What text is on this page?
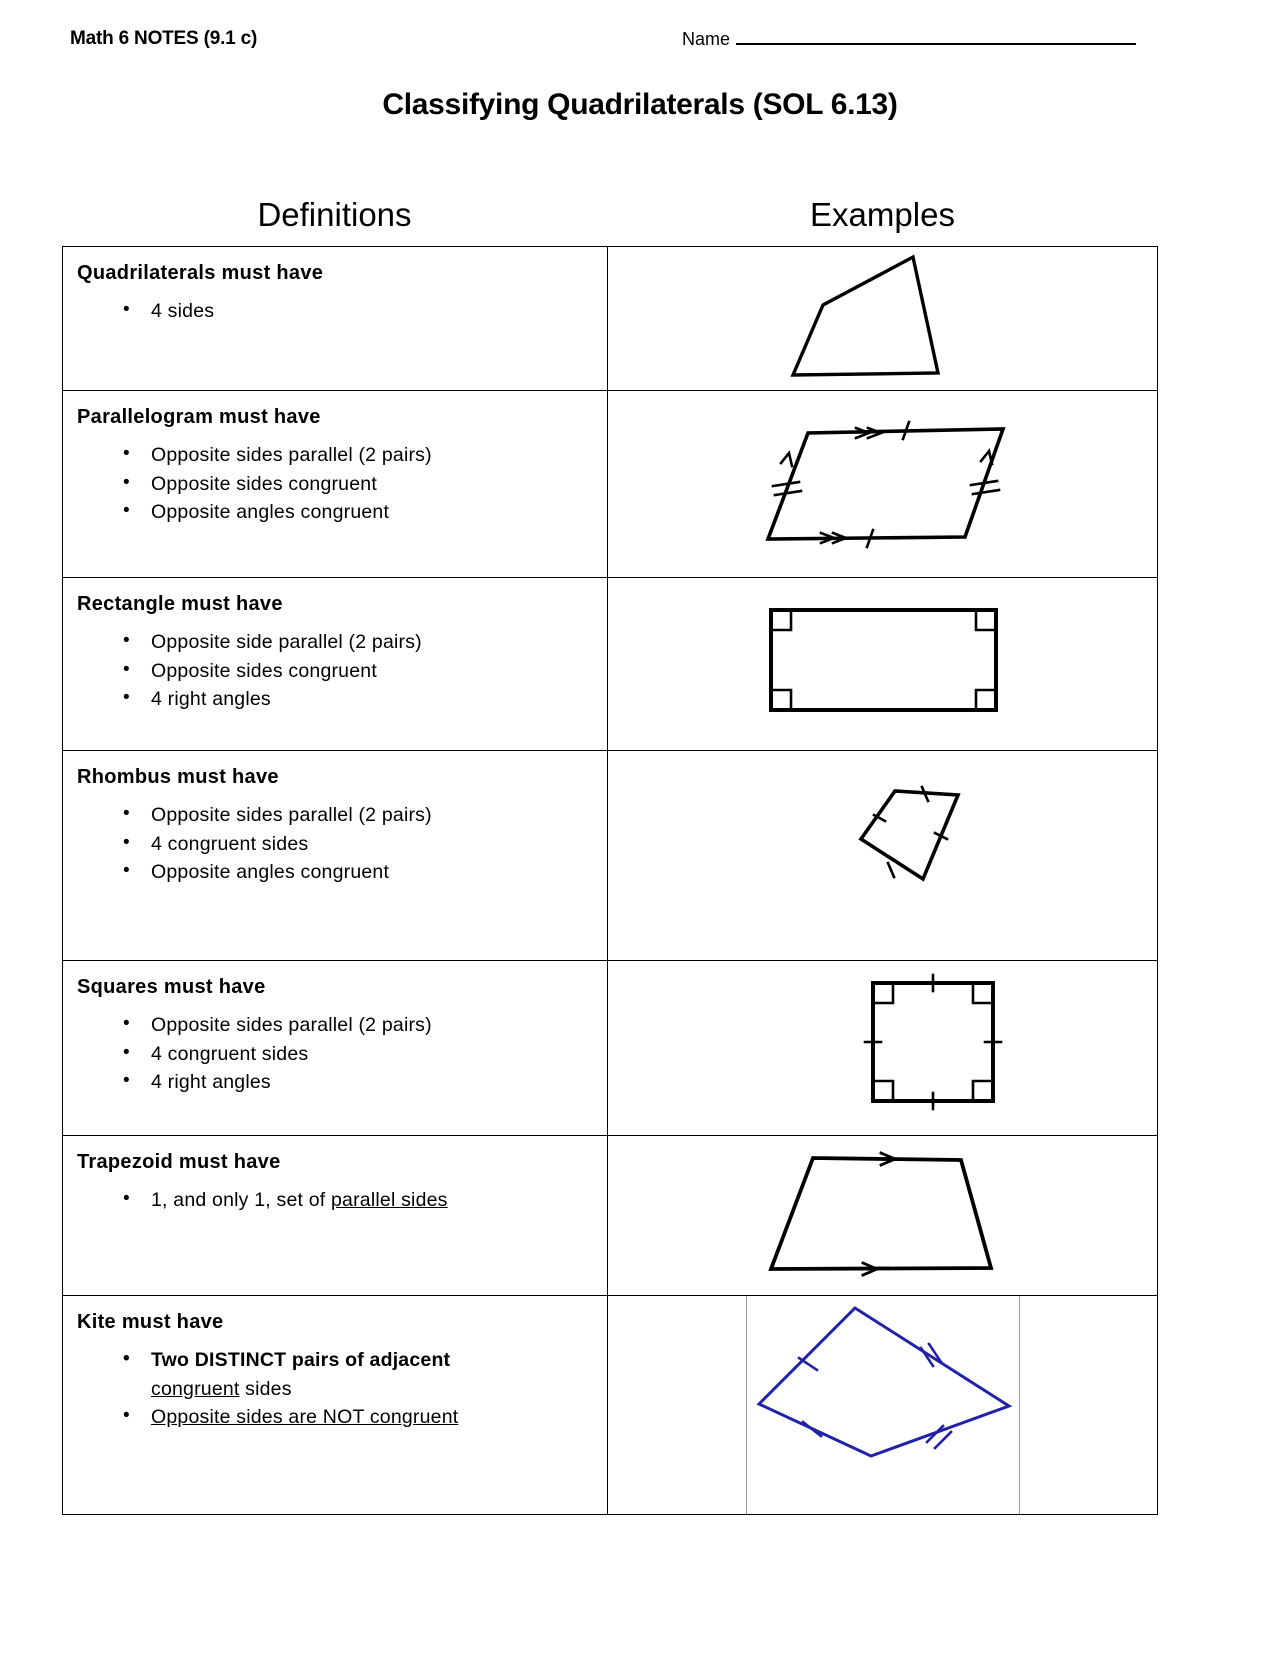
Math 6 NOTES (9.1 c)	Name
Classifying Quadrilaterals (SOL 6.13)
Definitions	Examples
Quadrilaterals must have
• 4 sides
Parallelogram must have
• Opposite sides parallel (2 pairs)
• Opposite sides congruent
• Opposite angles congruent
Rectangle must have
• Opposite side parallel (2 pairs)
• Opposite sides congruent
• 4 right angles
Rhombus must have
• Opposite sides parallel (2 pairs)
• 4 congruent sides
• Opposite angles congruent
Squares must have
• Opposite sides parallel (2 pairs)
• 4 congruent sides
• 4 right angles
Trapezoid must have
• 1, and only 1, set of parallel sides
Kite must have
• Two DISTINCT pairs of adjacent
congruent sides
• Opposite sides are NOT congruent
